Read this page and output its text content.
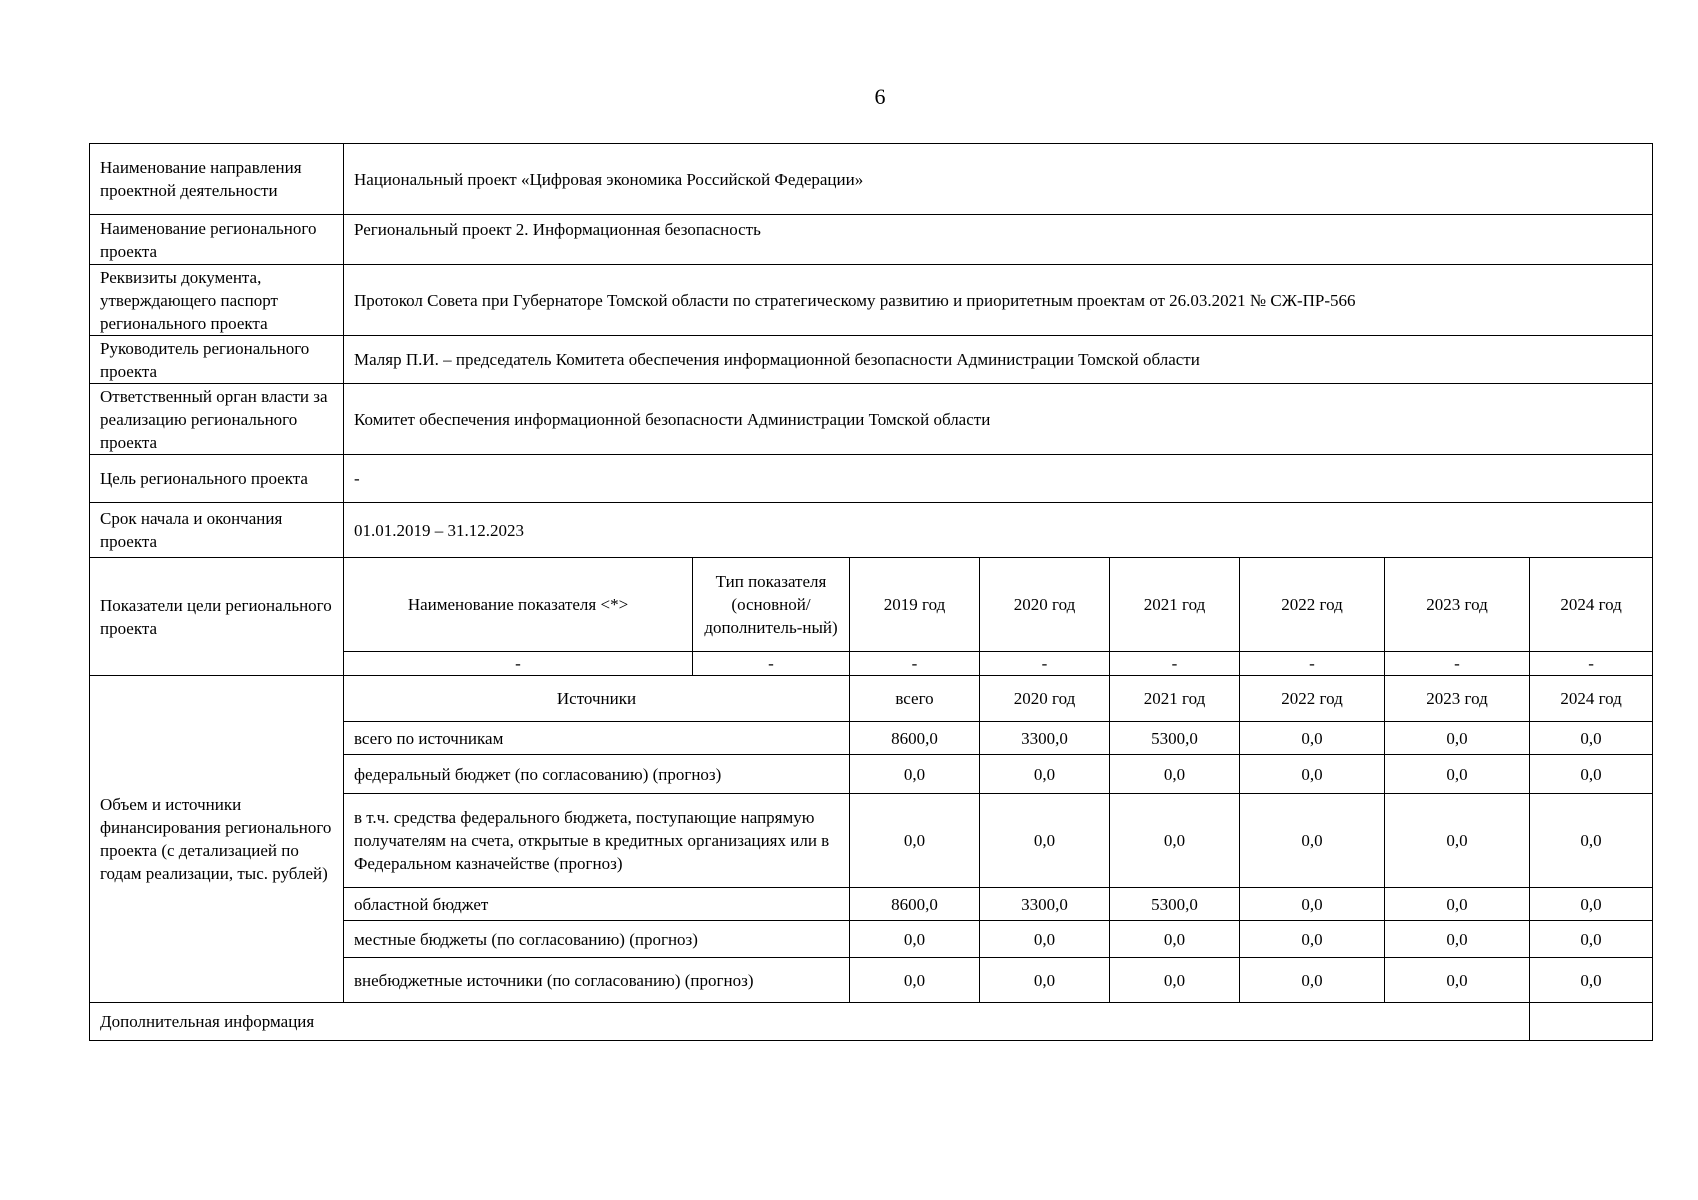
6
Наименование направления проектной деятельности	Национальный проект «Цифровая экономика Российской Федерации»							
Наименование регионального проекта	Региональный проект 2. Информационная безопасность							
Реквизиты документа, утверждающего паспорт регионального проекта	Протокол Совета при Губернаторе Томской области по стратегическому развитию и приоритетным проектам от 26.03.2021 № СЖ-ПР-566							
Руководитель регионального проекта	Маляр П.И. – председатель Комитета обеспечения информационной безопасности Администрации Томской области							
Ответственный орган власти за реализацию регионального проекта	Комитет обеспечения информационной безопасности Администрации Томской области							
Цель регионального проекта	-							
Срок начала и окончания проекта	01.01.2019 – 31.12.2023							
Показатели цели регионального проекта	Наименование показателя <*>	Тип показателя (основной/ дополнитель-ный)	2019 год	2020 год	2021 год	2022 год	2023 год	2024 год
	-	-	-	-	-	-	-	-
Объем и источники финансирования регионального проекта (с детализацией по годам реализации, тыс. рублей)	Источники		всего	2020 год	2021 год	2022 год	2023 год	2024 год
	всего по источникам		8600,0	3300,0	5300,0	0,0	0,0	0,0
	федеральный бюджет (по согласованию) (прогноз)		0,0	0,0	0,0	0,0	0,0	0,0
	в т.ч. средства федерального бюджета, поступающие напрямую получателям на счета, открытые в кредитных организациях или в Федеральном казначействе (прогноз)		0,0	0,0	0,0	0,0	0,0	0,0
	областной бюджет		8600,0	3300,0	5300,0	0,0	0,0	0,0
	местные бюджеты (по согласованию) (прогноз)		0,0	0,0	0,0	0,0	0,0	0,0
	внебюджетные источники (по согласованию) (прогноз)		0,0	0,0	0,0	0,0	0,0	0,0
Дополнительная информация								
